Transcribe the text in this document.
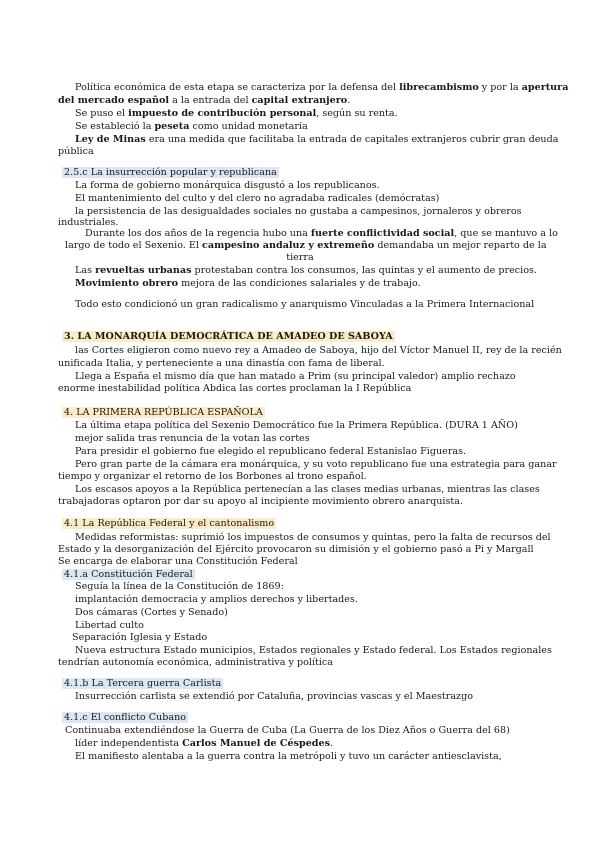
Política económica de esta etapa se caracteriza por la defensa del librecambismo y por la apertura
del mercado español a la entrada del capital extranjero.
Se puso el impuesto de contribución personal, según su renta.
Se estableció la peseta como unidad monetaria
Ley de Minas era una medida que facilitaba la entrada de capitales extranjeros cubrir gran deuda
pública
2.5.c La insurrección popular y republicana
La forma de gobierno monárquica disgustó a los republicanos.
El mantenimiento del culto y del clero no agradaba radicales (demócratas)
la persistencia de las desigualdades sociales no gustaba a campesinos, jornaleros y obreros
industriales.
Durante los dos años de la regencia hubo una fuerte conflictividad social, que se mantuvo a lo
largo de todo el Sexenio. El campesino andaluz y extremeño demandaba un mejor reparto de la
tierra
Las revueltas urbanas protestaban contra los consumos, las quintas y el aumento de precios.
Movimiento obrero mejora de las condiciones salariales y de trabajo.
Todo esto condicionó un gran radicalismo y anarquismo Vinculadas a la Primera Internacional
3. LA MONARQUÍA DEMOCRÁTICA DE AMADEO DE SABOYA
las Cortes eligieron como nuevo rey a Amadeo de Saboya, hijo del Víctor Manuel II, rey de la recién
unificada Italia, y perteneciente a una dinastía con fama de liberal.
Llega a España el mismo día que han matado a Prim (su principal valedor) amplio rechazo
enorme inestabilidad política Abdica las cortes proclaman la I República
4. LA PRIMERA REPÚBLICA ESPAÑOLA
La última etapa política del Sexenio Democrático fue la Primera República. (DURA 1 AÑO)
mejor salida tras renuncia de la votan las cortes
Para presidir el gobierno fue elegido el republicano federal Estanislao Figueras.
Pero gran parte de la cámara era monárquica, y su voto republicano fue una estrategia para ganar
tiempo y organizar el retorno de los Borbones al trono español.
Los escasos apoyos a la República pertenecían a las clases medias urbanas, mientras las clases
trabajadoras optaron por dar su apoyo al incipiente movimiento obrero anarquista.
4.1 La República Federal y el cantonalismo
Medidas reformistas: suprimió los impuestos de consumos y quintas, pero la falta de recursos del
Estado y la desorganización del Ejército provocaron su dimisión y el gobierno pasó a Pi y Margall
Se encarga de elaborar una Constitución Federal
4.1.a Constitución Federal
Seguía la línea de la Constitución de 1869:
implantación democracia y amplios derechos y libertades.
Dos cámaras (Cortes y Senado)
Libertad culto
Separación Iglesia y Estado
Nueva estructura Estado municipios, Estados regionales y Estado federal. Los Estados regionales
tendrían autonomía económica, administrativa y política
4.1.b La Tercera guerra Carlista
Insurrección carlista se extendió por Cataluña, provincias vascas y el Maestrazgo
4.1.c El conflicto Cubano
Continuaba extendiéndose la Guerra de Cuba (La Guerra de los Diez Años o Guerra del 68)
líder independentista Carlos Manuel de Céspedes.
El manifiesto alentaba a la guerra contra la metrópoli y tuvo un carácter antiesclavista,
